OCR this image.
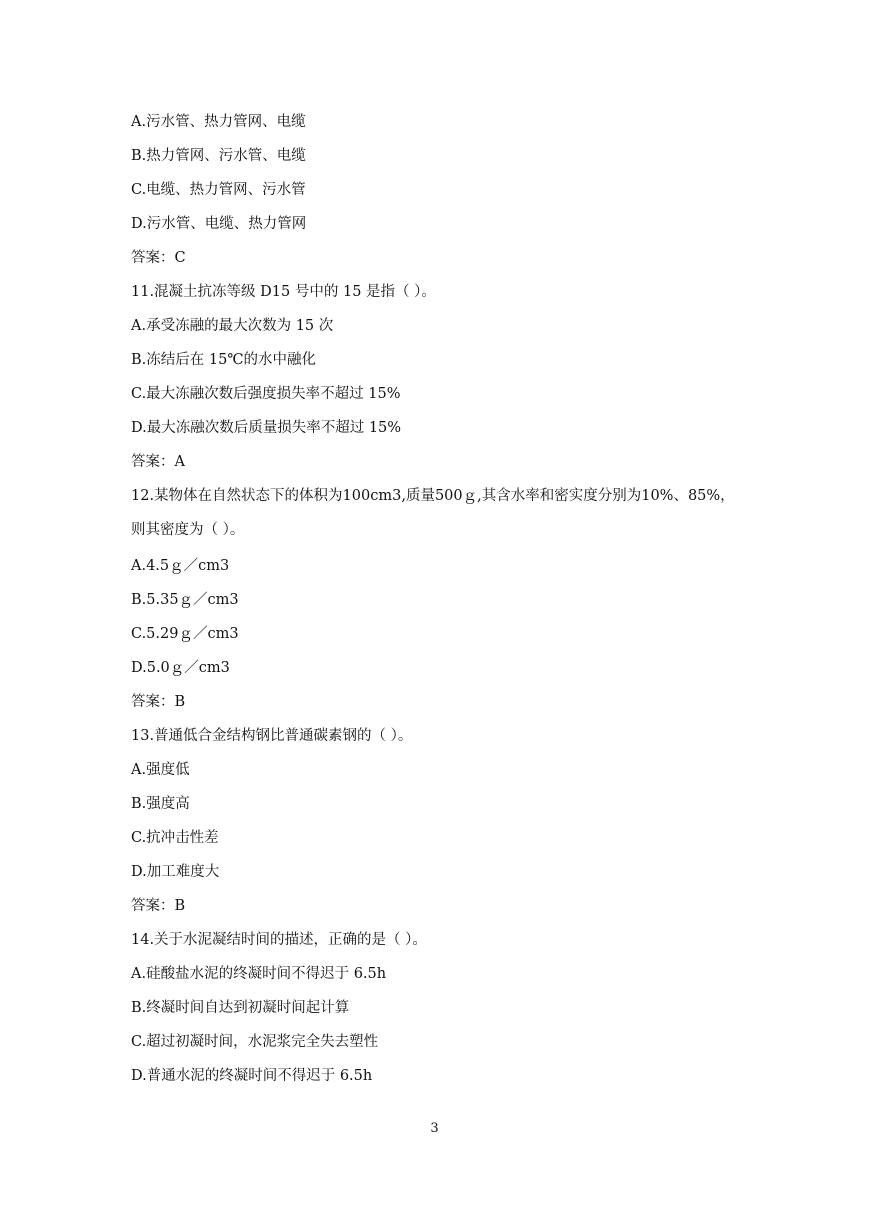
A.污水管、热力管网、电缆
B.热力管网、污水管、电缆
C.电缆、热力管网、污水管
D.污水管、电缆、热力管网
答案：C
11.混凝土抗冻等级 D15 号中的 15 是指（ ）。
A.承受冻融的最大次数为 15 次
B.冻结后在 15℃的水中融化
C.最大冻融次数后强度损失率不超过 15%
D.最大冻融次数后质量损失率不超过 15%
答案：A
12.某物体在自然状态下的体积为100cm3,质量500ｇ,其含水率和密实度分别为10%、85%，
则其密度为（ ）。
A.4.5ｇ／cm3
B.5.35ｇ／cm3
C.5.29ｇ／cm3
D.5.0ｇ／cm3
答案：B
13.普通低合金结构钢比普通碳素钢的（ ）。
A.强度低
B.强度高
C.抗冲击性差
D.加工难度大
答案：B
14.关于水泥凝结时间的描述，正确的是（ ）。
A.硅酸盐水泥的终凝时间不得迟于 6.5h
B.终凝时间自达到初凝时间起计算
C.超过初凝时间，水泥浆完全失去塑性
D.普通水泥的终凝时间不得迟于 6.5h
3
